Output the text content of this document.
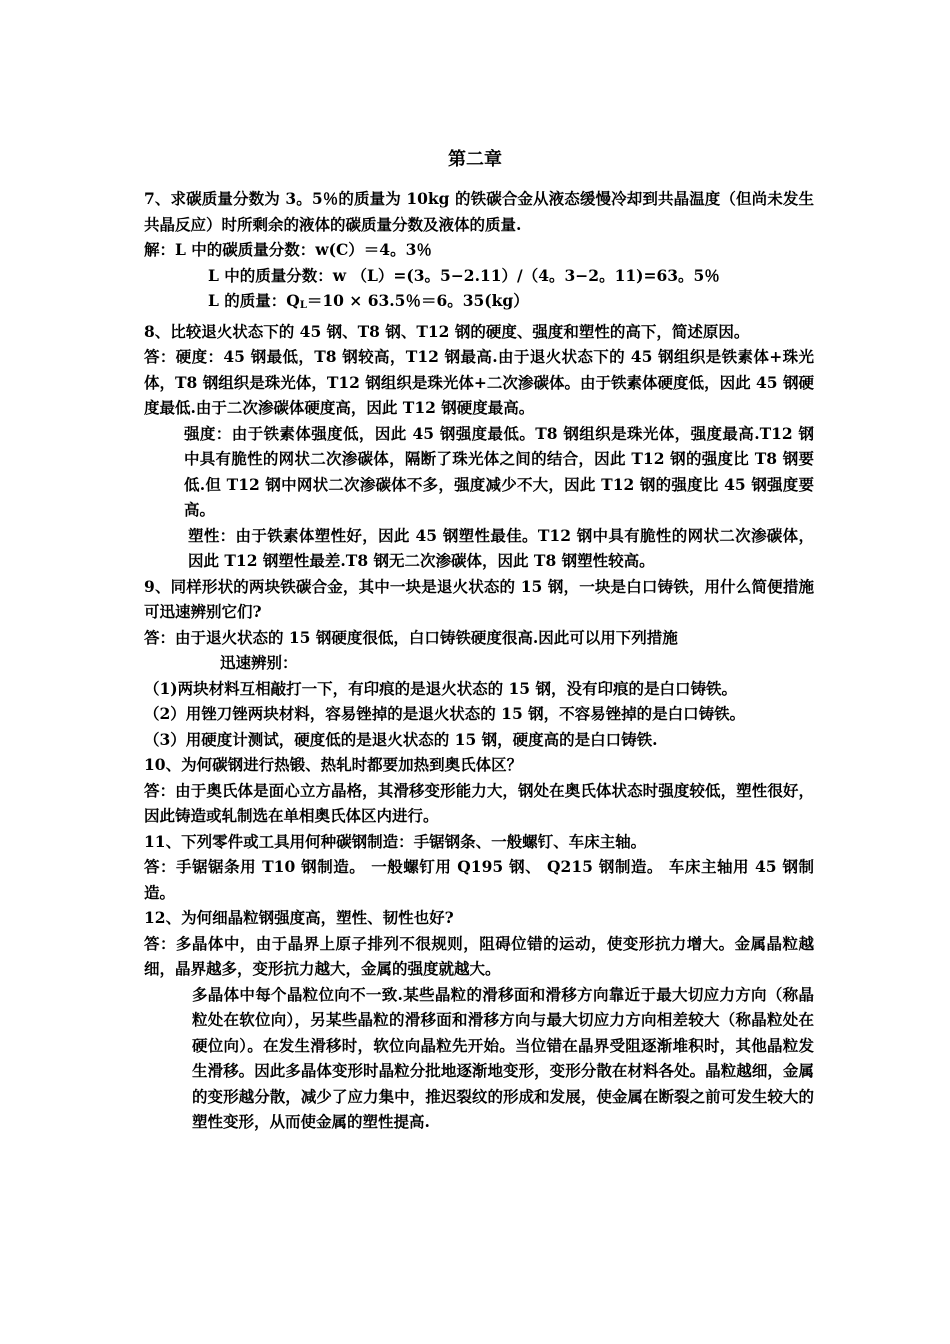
第二章

7、求碳质量分数为 3。5％的质量为 10kg 的铁碳合金从液态缓慢冷却到共晶温度（但尚未发生共晶反应）时所剩余的液体的碳质量分数及液体的质量.

解：L 中的碳质量分数：w(C）＝4。3％

L 中的质量分数：w （L）=(3。5−2.11）/（4。3−2。11)=63。5％

L 的质量：$Q_L=10 \times 63.5$％＝6。35(kg）

8、比较退火状态下的 45 钢、T8 钢、T12 钢的硬度、强度和塑性的高下，简述原因。

答：硬度：45 钢最低，T8 钢较高，T12 钢最高.由于退火状态下的 45 钢组织是铁素体+珠光体，T8 钢组织是珠光体，T12 钢组织是珠光体+二次渗碳体。由于铁素体硬度低，因此 45 钢硬度最低.由于二次渗碳体硬度高，因此 T12 钢硬度最高。

强度：由于铁素体强度低，因此 45 钢强度最低。T8 钢组织是珠光体，强度最高.T12 钢中具有脆性的网状二次渗碳体，隔断了珠光体之间的结合，因此 T12 钢的强度比 T8 钢要低.但 T12 钢中网状二次渗碳体不多，强度减少不大，因此 T12 钢的强度比 45 钢强度要高。

塑性：由于铁素体塑性好，因此 45 钢塑性最佳。T12 钢中具有脆性的网状二次渗碳体，因此 T12 钢塑性最差.T8 钢无二次渗碳体，因此 T8 钢塑性较高。

9、同样形状的两块铁碳合金，其中一块是退火状态的 15 钢，一块是白口铸铁，用什么简便措施可迅速辨别它们?

答：由于退火状态的 15 钢硬度很低，白口铸铁硬度很高.因此可以用下列措施

迅速辨别：

（1)两块材料互相敲打一下，有印痕的是退火状态的 15 钢，没有印痕的是白口铸铁。

（2）用锉刀锉两块材料，容易锉掉的是退火状态的 15 钢，不容易锉掉的是白口铸铁。

（3）用硬度计测试，硬度低的是退火状态的 15 钢，硬度高的是白口铸铁.

10、为何碳钢进行热锻、热轧时都要加热到奥氏体区？

答：由于奥氏体是面心立方晶格，其滑移变形能力大，钢处在奥氏体状态时强度较低，塑性很好，因此铸造或轧制选在单相奥氏体区内进行。

11、下列零件或工具用何种碳钢制造：手锯钢条、一般螺钉、车床主轴。

答：手锯锯条用 T10 钢制造。 一般螺钉用 Q195 钢、 Q215 钢制造。 车床主轴用 45 钢制造。

12、为何细晶粒钢强度高，塑性、韧性也好?

答：多晶体中，由于晶界上原子排列不很规则，阻碍位错的运动，使变形抗力增大。金属晶粒越细，晶界越多，变形抗力越大，金属的强度就越大。

多晶体中每个晶粒位向不一致.某些晶粒的滑移面和滑移方向靠近于最大切应力方向（称晶粒处在软位向），另某些晶粒的滑移面和滑移方向与最大切应力方向相差较大（称晶粒处在硬位向）。在发生滑移时，软位向晶粒先开始。当位错在晶界受阻逐渐堆积时，其他晶粒发生滑移。因此多晶体变形时晶粒分批地逐渐地变形，变形分散在材料各处。晶粒越细，金属的变形越分散，减少了应力集中，推迟裂纹的形成和发展，使金属在断裂之前可发生较大的塑性变形，从而使金属的塑性提高.
